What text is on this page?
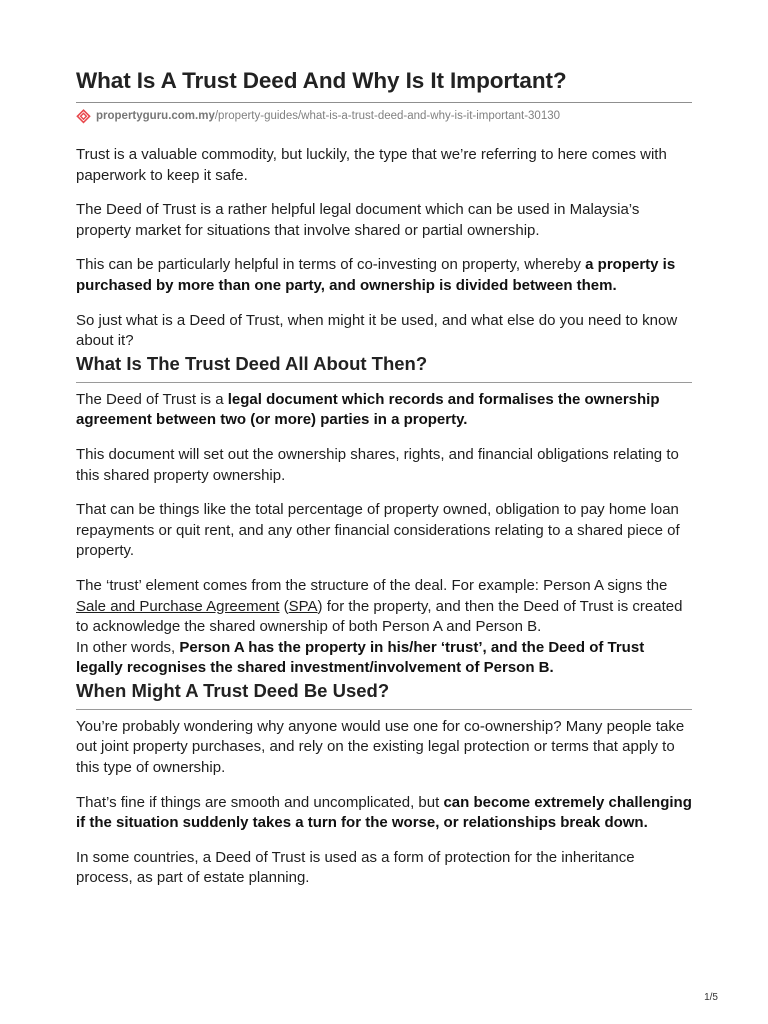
What Is A Trust Deed And Why Is It Important?
propertyguru.com.my /property-guides/what-is-a-trust-deed-and-why-is-it-important-30130

Trust is a valuable commodity, but luckily, the type that we’re referring to here comes with paperwork to keep it safe.

The Deed of Trust is a rather helpful legal document which can be used in Malaysia’s property market for situations that involve shared or partial ownership.

This can be particularly helpful in terms of co-investing on property, whereby a property is purchased by more than one party, and ownership is divided between them.

So just what is a Deed of Trust, when might it be used, and what else do you need to know about it?

What Is The Trust Deed All About Then?

The Deed of Trust is a legal document which records and formalises the ownership agreement between two (or more) parties in a property.

This document will set out the ownership shares, rights, and financial obligations relating to this shared property ownership.

That can be things like the total percentage of property owned, obligation to pay home loan repayments or quit rent, and any other financial considerations relating to a shared piece of property.

The ‘trust’ element comes from the structure of the deal. For example: Person A signs the Sale and Purchase Agreement (SPA) for the property, and then the Deed of Trust is created to acknowledge the shared ownership of both Person A and Person B.

In other words, Person A has the property in his/her ‘trust’, and the Deed of Trust legally recognises the shared investment/involvement of Person B.

When Might A Trust Deed Be Used?

You’re probably wondering why anyone would use one for co-ownership? Many people take out joint property purchases, and rely on the existing legal protection or terms that apply to this type of ownership.

That’s fine if things are smooth and uncomplicated, but can become extremely challenging if the situation suddenly takes a turn for the worse, or relationships break down.

In some countries, a Deed of Trust is used as a form of protection for the inheritance process, as part of estate planning.

1/5
